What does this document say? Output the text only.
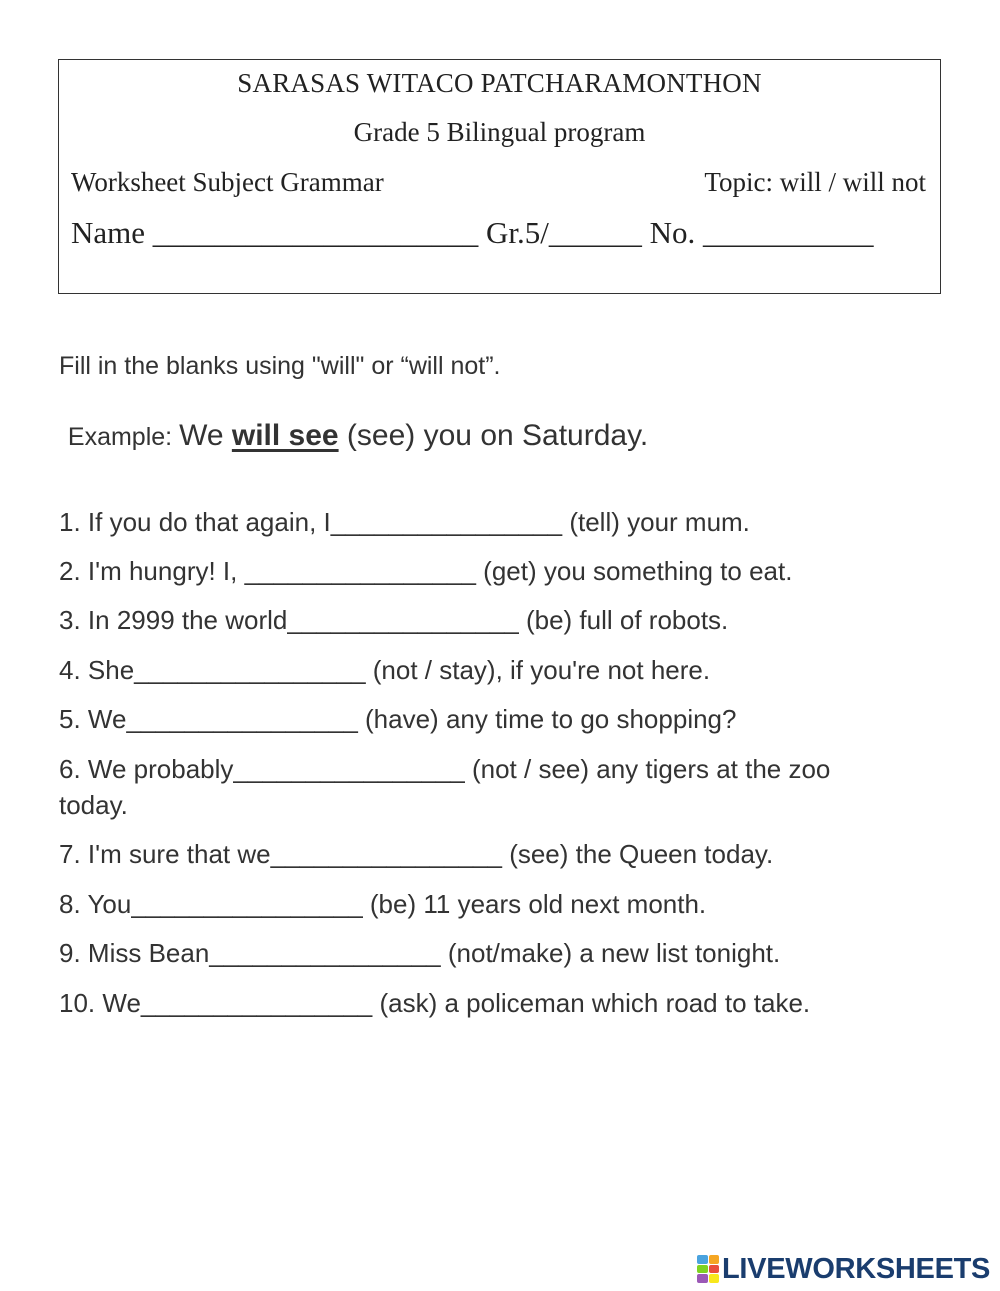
SARASAS WITACO PATCHARAMONTHON
Grade 5 Bilingual program
Worksheet Subject Grammar	Topic: will / will not
Name _____________________ Gr.5/______ No. ___________
Fill in the blanks using "will" or “will not”.

Example: We will see (see) you on Saturday.

1. If you do that again, I________________ (tell) your mum.
2. I'm hungry! I, ________________ (get) you something to eat.
3. In 2999 the world________________ (be) full of robots.
4. She________________ (not / stay), if you're not here.
5. We________________ (have) any time to go shopping?
6. We probably________________ (not / see) any tigers at the zoo
today.
7. I'm sure that we________________ (see) the Queen today.
8. You________________ (be) 11 years old next month.
9. Miss Bean________________ (not/make) a new list tonight.
10. We________________ (ask) a policeman which road to take.
LIVEWORKSHEETS
